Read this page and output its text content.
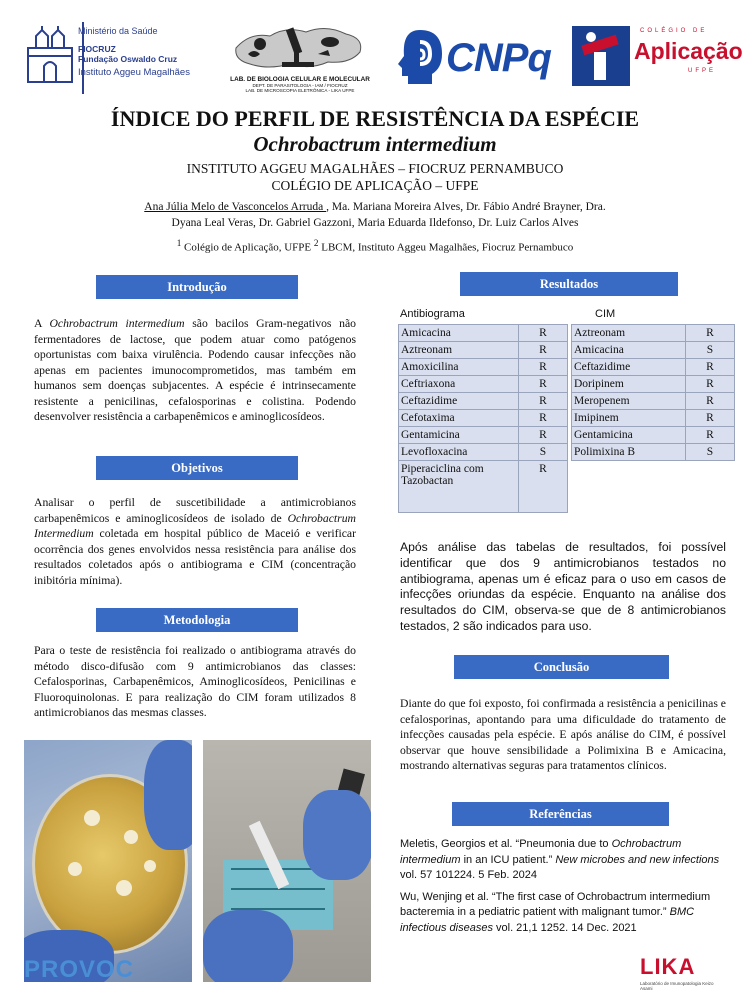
Ministério da Saúde
FIOCRUZ
Fundação Oswaldo Cruz
Instituto Aggeu Magalhães
LAB. DE BIOLOGIA CELULAR E MOLECULAR
DEPT. DE PARASITOLOGIA - IAM / FIOCRUZ
LAB. DE MICROSCOPIA ELETRÔNICA - LIKA UFPE
CNPq
COLÉGIO DE
Aplicação
UFPE
ÍNDICE DO PERFIL DE RESISTÊNCIA DA ESPÉCIE
Ochrobactrum intermedium
INSTITUTO AGGEU MAGALHÃES – FIOCRUZ PERNAMBUCO
COLÉGIO DE APLICAÇÃO – UFPE
Ana Júlia Melo de Vasconcelos Arruda , Ma. Mariana Moreira Alves, Dr. Fábio André Brayner, Dra.
Dyana Leal Veras, Dr. Gabriel Gazzoni, Maria Eduarda Ildefonso, Dr. Luiz Carlos Alves
$^1$ Colégio de Aplicação, UFPE $^2$ LBCM, Instituto Aggeu Magalhães, Fiocruz Pernambuco
Introdução
A Ochrobactrum intermedium são bacilos Gram-negativos não fermentadores de lactose, que podem atuar como patógenos oportunistas com baixa virulência. Podendo causar infecções não apenas em pacientes imunocomprometidos, mas também em humanos sem doenças subjacentes. A espécie é intrinsecamente resistente a penicilinas, cefalosporinas e colistina. Podendo desenvolver resistência a carbapenêmicos e aminoglicosídeos.
Objetivos
Analisar o perfil de suscetibilidade a antimicrobianos carbapenêmicos e aminoglicosídeos de isolado de Ochrobactrum Intermedium coletada em hospital público de Maceió e verificar ocorrência dos genes envolvidos nessa resistência para análise dos resultados coletados após o antibiograma e CIM (concentração inibitória mínima).
Metodologia
Para o teste de resistência foi realizado o antibiograma através do método disco-difusão com 9 antimicrobianos das classes: Cefalosporinas, Carbapenêmicos, Aminoglicosídeos, Penicilinas e Fluoroquinolonas. E para realização do CIM foram utilizados 8 antimicrobianos das mesmas classes.
Resultados
Antibiograma	CIM
Amicacina	R
Aztreonam	R
Amoxicilina	R
Ceftriaxona	R
Ceftazidime	R
Cefotaxima	R
Gentamicina	R
Levofloxacina	S
Piperaciclina com Tazobactan	R
Aztreonam	R
Amicacina	S
Ceftazidime	R
Doripinem	R
Meropenem	R
Imipinem	R
Gentamicina	R
Polimixina B	S
Após análise das tabelas de resultados, foi possível identificar que dos 9 antimicrobianos testados no antibiograma, apenas um é eficaz para o uso em casos de infecções oriundas da espécie. Enquanto na análise dos resultados do CIM, observa-se que de 8 antimicrobianos testados, 2 são indicados para uso.
Conclusão
Diante do que foi exposto, foi confirmada a resistência a penicilinas e cefalosporinas, apontando para uma dificuldade do tratamento de infecções causadas pela espécie. E após análise do CIM, é possível observar que houve sensibilidade a Polimixina B e Amicacina, mostrando alternativas seguras para tratamentos clínicos.
Referências

Meletis, Georgios et al. “Pneumonia due to Ochrobactrum intermedium in an ICU patient.” New microbes and new infections vol. 57 101224. 5 Feb. 2024

Wu, Wenjing et al. “The first case of Ochrobactrum intermedium bacteremia in a pediatric patient with malignant tumor.” BMC infectious diseases vol. 21,1 1252. 14 Dec. 2021

PROVOC	LIKA
Laboratório de Imunopatologia Keizo Asami
